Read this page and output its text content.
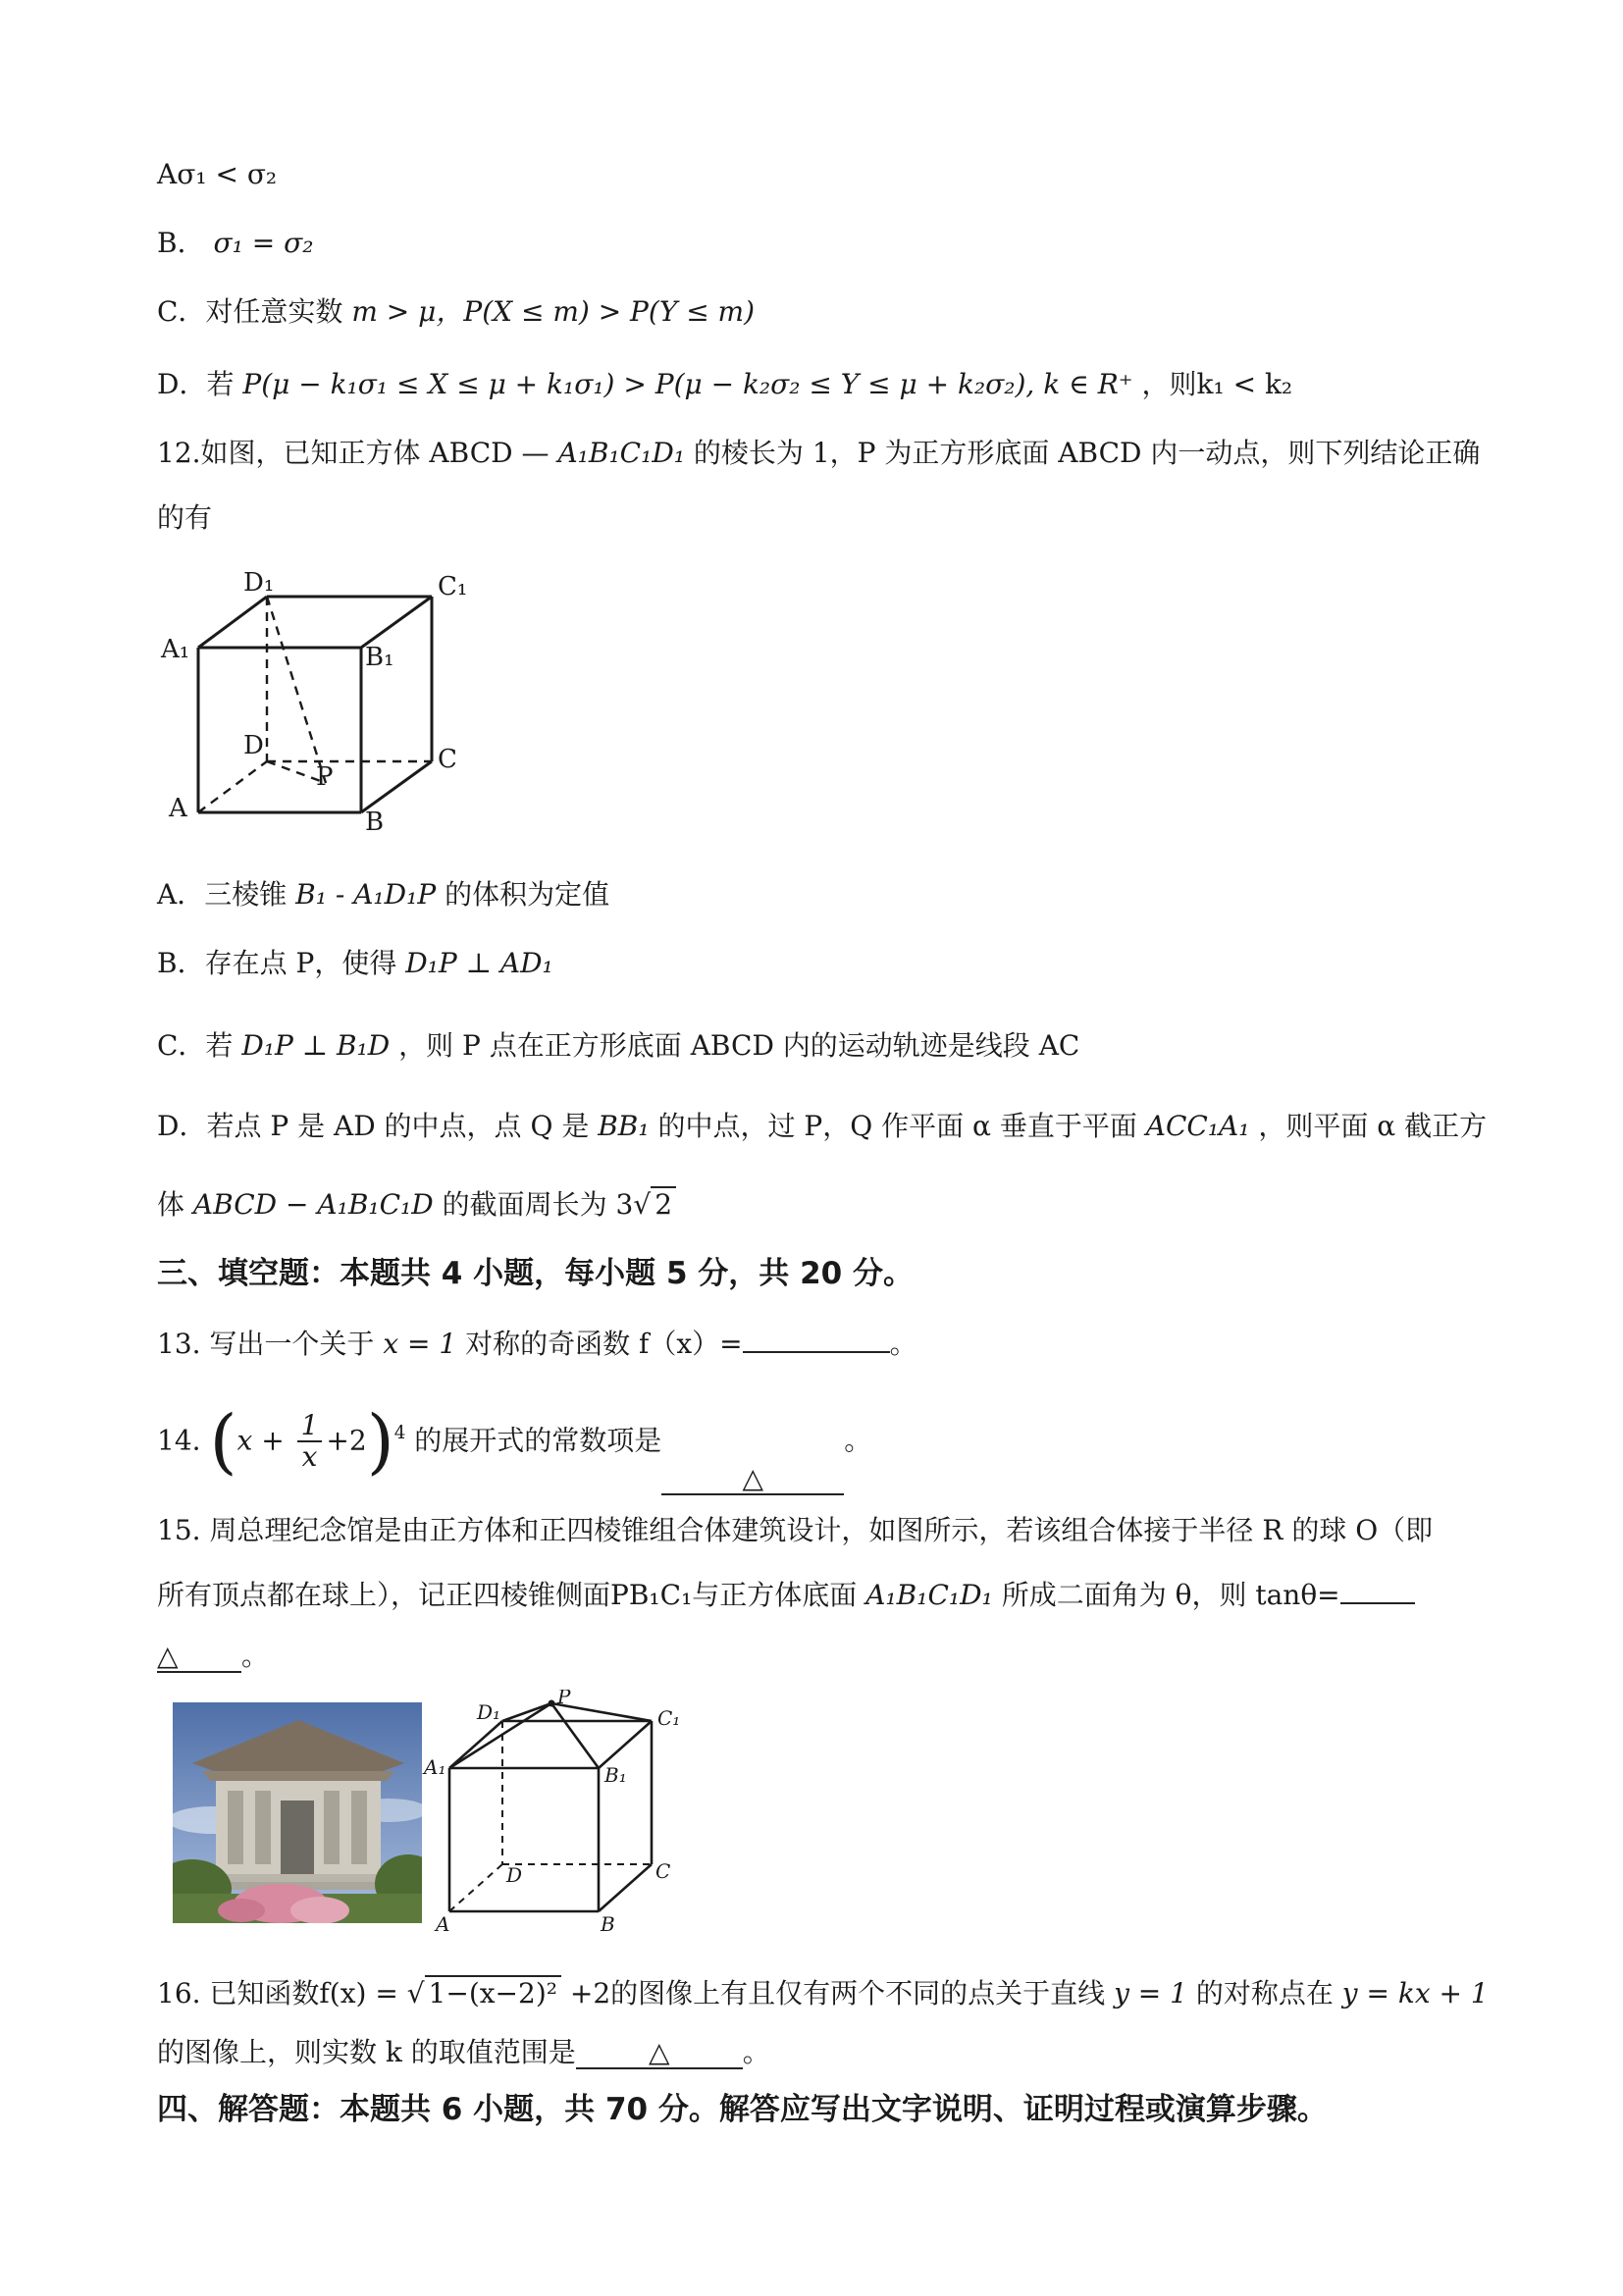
Aσ₁ < σ₂
B． σ₁ = σ₂
C．对任意实数 m > μ，P(X ≤ m) > P(Y ≤ m)
D．若 P(μ − k₁σ₁ ≤ X ≤ μ + k₁σ₁) > P(μ − k₂σ₂ ≤ Y ≤ μ + k₂σ₂), k ∈ R⁺ ，则k₁ < k₂
12.如图，已知正方体 ABCD — A₁B₁C₁D₁ 的棱长为 1，P 为正方形底面 ABCD 内一动点，则下列结论正确
的有
D₁	C₁
A₁	B₁
D	C
P
A	B
A．三棱锥 B₁ - A₁D₁P 的体积为定值
B．存在点 P，使得 D₁P ⊥ AD₁
C．若 D₁P ⊥ B₁D ，则 P 点在正方形底面 ABCD 内的运动轨迹是线段 AC
D．若点 P 是 AD 的中点，点 Q 是 BB₁ 的中点，过 P，Q 作平面 α 垂直于平面 ACC₁A₁ ，则平面 α 截正方
体 ABCD − A₁B₁C₁D 的截面周长为 3√ 2
三、填空题：本题共 4 小题，每小题 5 分，共 20 分。
13. 写出一个关于 x = 1 对称的奇函数 f（x）=	。
14. $(x + \frac{1}{x} +2)^4$ 的展开式的常数项是△。
15. 周总理纪念馆是由正方体和正四棱锥组合体建筑设计，如图所示，若该组合体接于半径 R 的球 O（即
所有顶点都在球上），记正四棱锥侧面PB₁C₁与正方体底面 A₁B₁C₁D₁ 所成二面角为 θ，则 tanθ=
△ 。
D₁
P
C₁
A₁	B₁
D	C
A	B
16. 已知函数f(x) = √ 1−(x−2)² +2的图像上有且仅有两个不同的点关于直线 y = 1 的对称点在 y = kx + 1
的图像上，则实数 k 的取值范围是	△	。
四、解答题：本题共 6 小题，共 70 分。解答应写出文字说明、证明过程或演算步骤。
